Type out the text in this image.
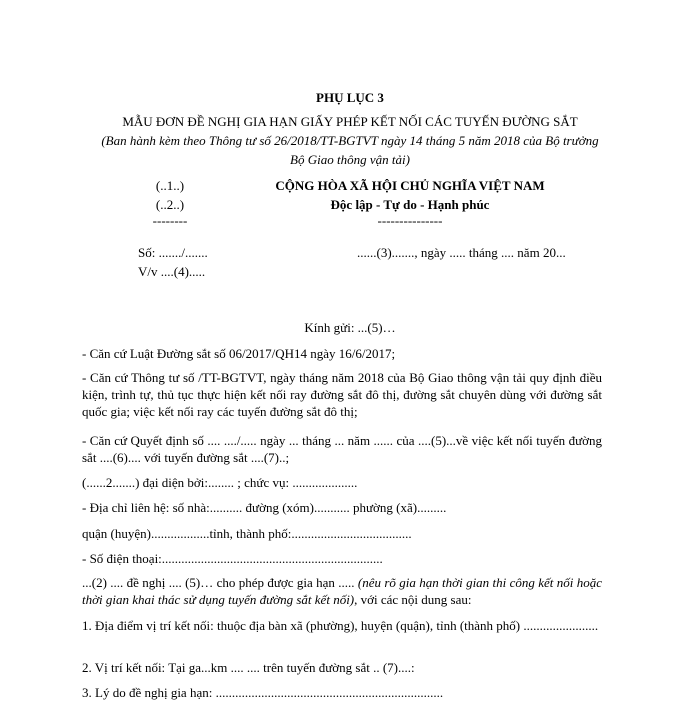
PHỤ LỤC 3
MẪU ĐƠN ĐỀ NGHỊ GIA HẠN GIẤY PHÉP KẾT NỐI CÁC TUYẾN ĐƯỜNG SẮT
(Ban hành kèm theo Thông tư số 26/2018/TT-BGTVT ngày 14 tháng 5 năm 2018 của Bộ trưởng
Bộ Giao thông vận tải)
(..1..)
(..2..)
--------
Số: ......./.......
V/v ....(4).....
CỘNG HÒA XÃ HỘI CHỦ NGHĨA VIỆT NAM
Độc lập - Tự do - Hạnh phúc
---------------
......(3)......., ngày ..... tháng .... năm 20...
Kính gửi: ...(5)…

- Căn cứ Luật Đường sắt số 06/2017/QH14 ngày 16/6/2017;

- Căn cứ Thông tư số /TT-BGTVT, ngày tháng năm 2018 của Bộ Giao thông vận tải quy định điều kiện, trình tự, thủ tục thực hiện kết nối ray đường sắt đô thị, đường sắt chuyên dùng với đường sắt quốc gia; việc kết nối ray các tuyến đường sắt đô thị;

- Căn cứ Quyết định số .... ..../..... ngày ... tháng ... năm ...... của ....(5)...về việc kết nối tuyến đường sắt ....(6).... với tuyến đường sắt ....(7)..;

(......2.......) đại diện bởi:........ ; chức vụ: ....................

- Địa chỉ liên hệ: số nhà:.......... đường (xóm)........... phường (xã).........

quận (huyện)..................tỉnh, thành phố:.....................................

- Số điện thoại:....................................................................

...(2) .... đề nghị .... (5)… cho phép được gia hạn ..... (nêu rõ gia hạn thời gian thi công kết nối hoặc thời gian khai thác sử dụng tuyến đường sắt kết nối), với các nội dung sau:

1. Địa điểm vị trí kết nối: thuộc địa bàn xã (phường), huyện (quận), tỉnh (thành phố) .......................

2. Vị trí kết nối: Tại ga...km .... .... trên tuyến đường sắt .. (7)....:

3. Lý do đề nghị gia hạn: ......................................................................
